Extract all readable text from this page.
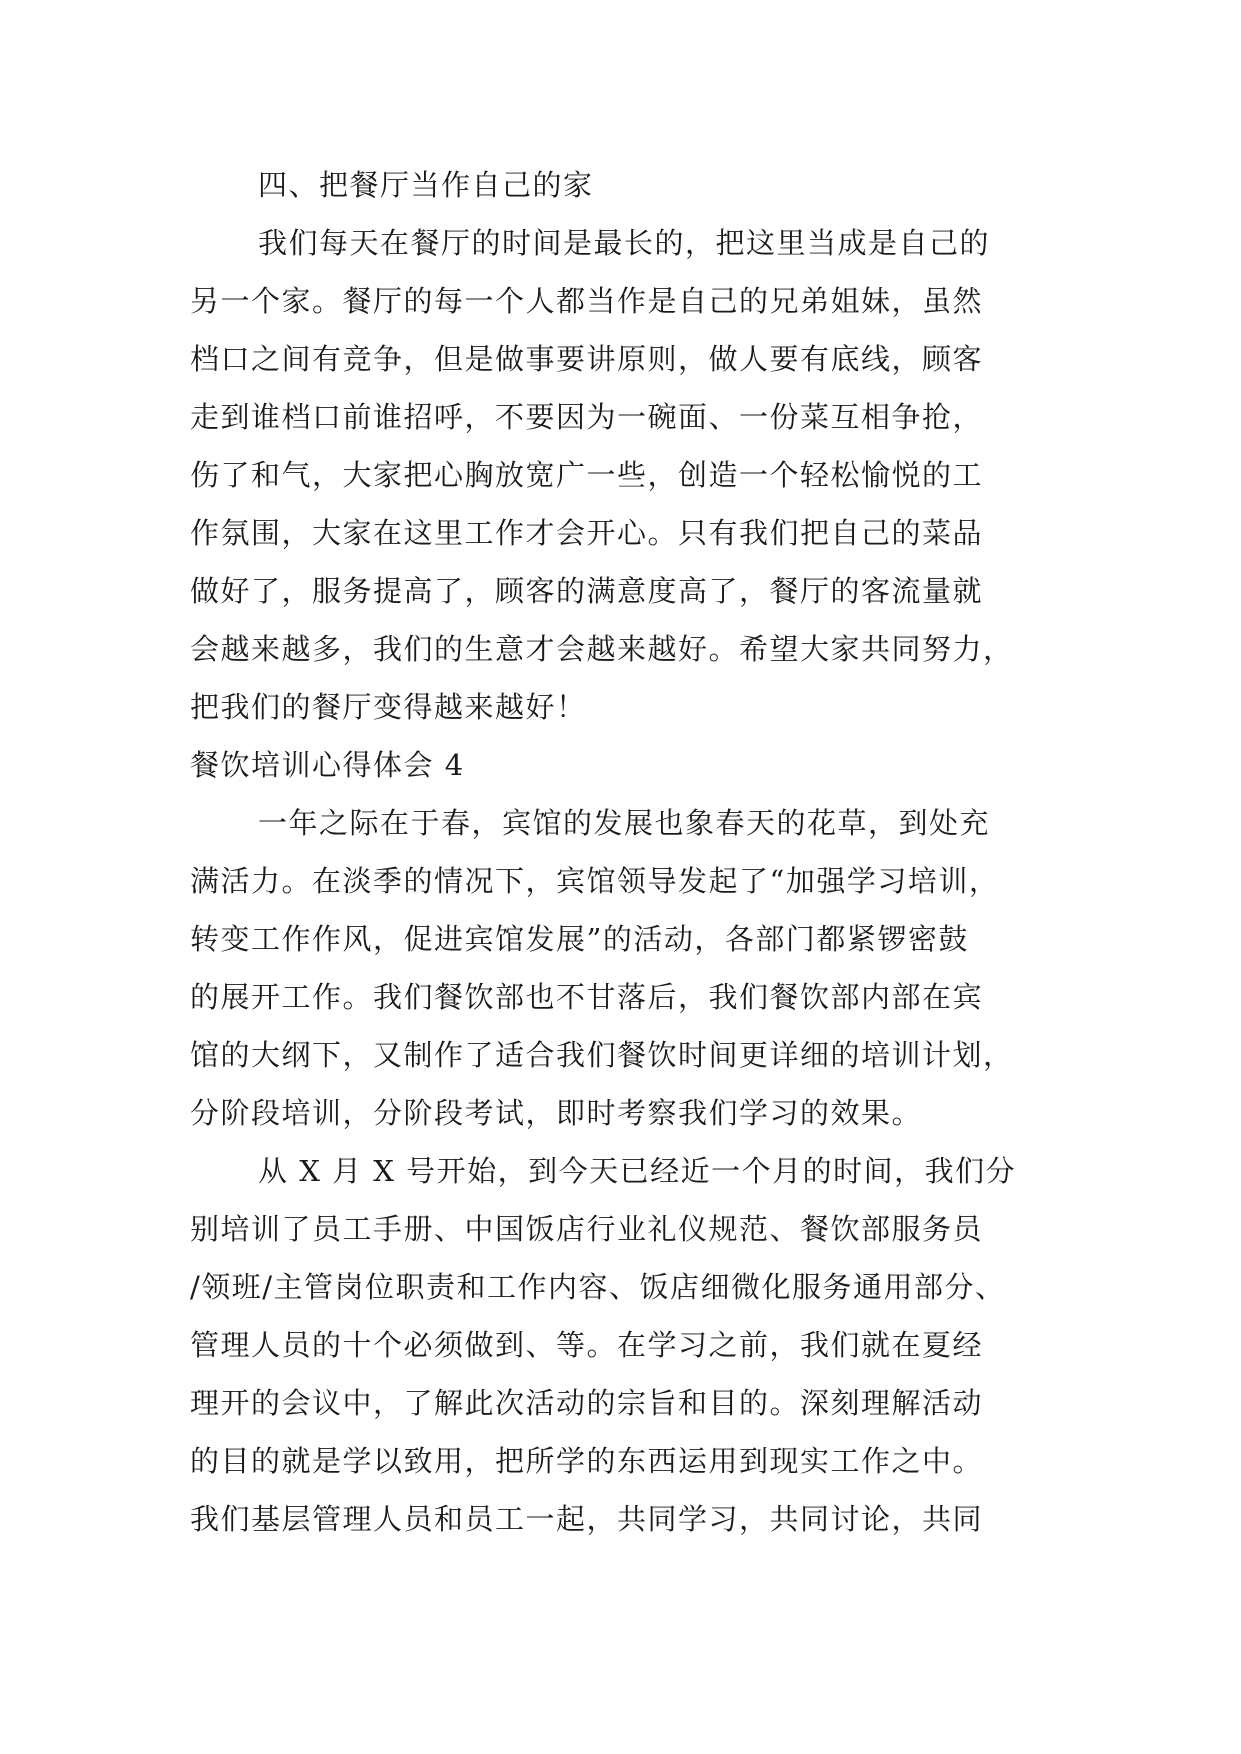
四、把餐厅当作自己的家
我们每天在餐厅的时间是最长的，把这里当成是自己的
另一个家。餐厅的每一个人都当作是自己的兄弟姐妹，虽然
档口之间有竞争，但是做事要讲原则，做人要有底线，顾客
走到谁档口前谁招呼，不要因为一碗面、一份菜互相争抢，
伤了和气，大家把心胸放宽广一些，创造一个轻松愉悦的工
作氛围，大家在这里工作才会开心。只有我们把自己的菜品
做好了，服务提高了，顾客的满意度高了，餐厅的客流量就
会越来越多，我们的生意才会越来越好。希望大家共同努力，
把我们的餐厅变得越来越好！
餐饮培训心得体会 4
一年之际在于春，宾馆的发展也象春天的花草，到处充
满活力。在淡季的情况下，宾馆领导发起了“加强学习培训，
转变工作作风，促进宾馆发展”的活动，各部门都紧锣密鼓
的展开工作。我们餐饮部也不甘落后，我们餐饮部内部在宾
馆的大纲下，又制作了适合我们餐饮时间更详细的培训计划，
分阶段培训，分阶段考试，即时考察我们学习的效果。
从 X 月 X 号开始，到今天已经近一个月的时间，我们分
别培训了员工手册、中国饭店行业礼仪规范、餐饮部服务员
/领班/主管岗位职责和工作内容、饭店细微化服务通用部分、
管理人员的十个必须做到、等。在学习之前，我们就在夏经
理开的会议中，了解此次活动的宗旨和目的。深刻理解活动
的目的就是学以致用，把所学的东西运用到现实工作之中。
我们基层管理人员和员工一起，共同学习，共同讨论，共同
